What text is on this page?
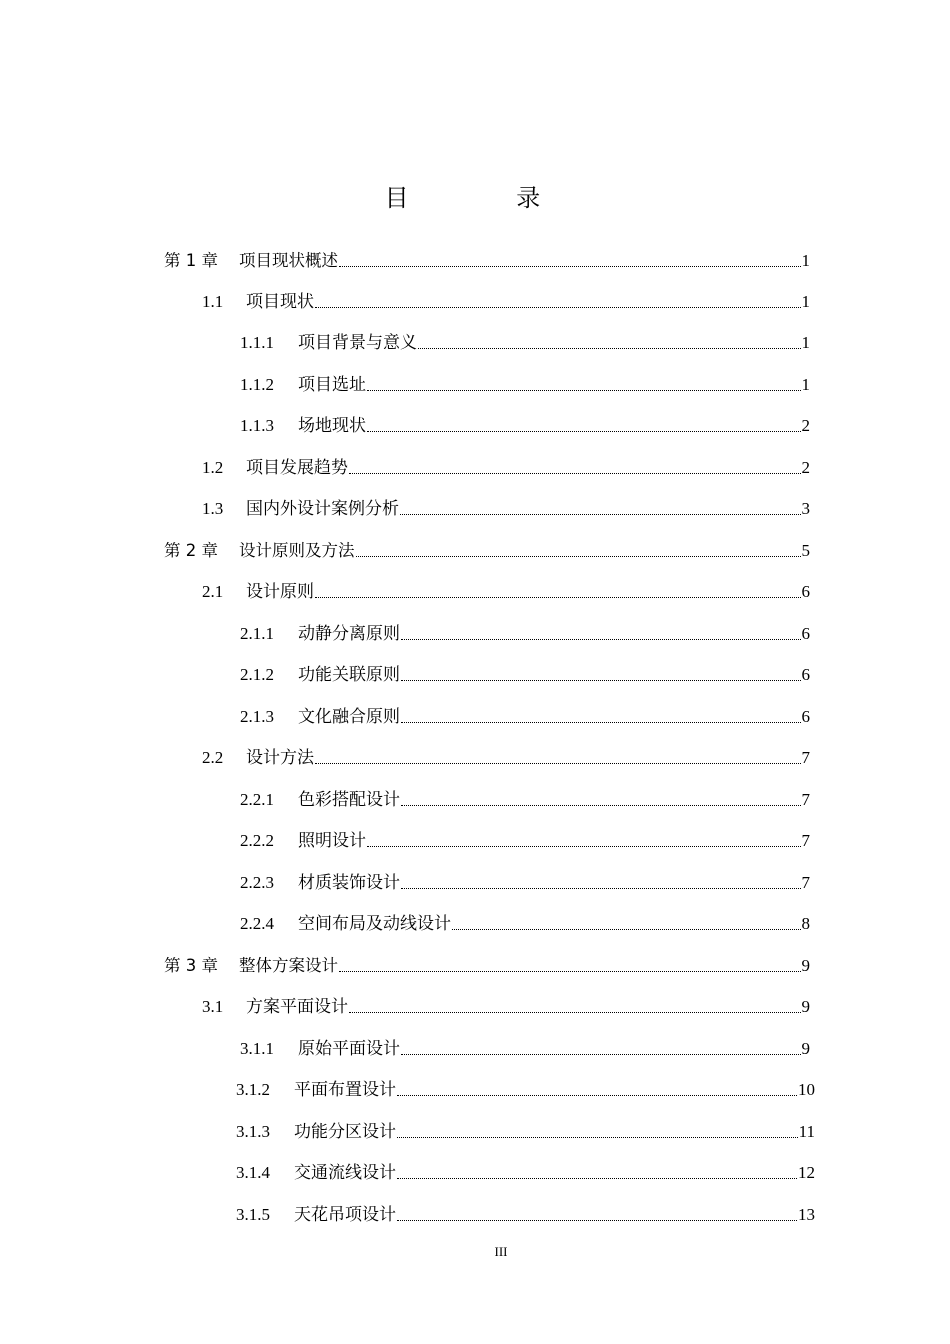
目 录
第 1 章	项目现状概述	1
1.1	项目现状	1
1.1.1	项目背景与意义	1
1.1.2	项目选址	1
1.1.3	场地现状	2
1.2	项目发展趋势	2
1.3	国内外设计案例分析	3
第 2 章	设计原则及方法	5
2.1	设计原则	6
2.1.1	动静分离原则	6
2.1.2	功能关联原则	6
2.1.3	文化融合原则	6
2.2	设计方法	7
2.2.1	色彩搭配设计	7
2.2.2	照明设计	7
2.2.3	材质装饰设计	7
2.2.4	空间布局及动线设计	8
第 3 章	整体方案设计	9
3.1	方案平面设计	9
3.1.1	原始平面设计	9
3.1.2	平面布置设计	10
3.1.3	功能分区设计	11
3.1.4	交通流线设计	12
3.1.5	天花吊项设计	13
III
